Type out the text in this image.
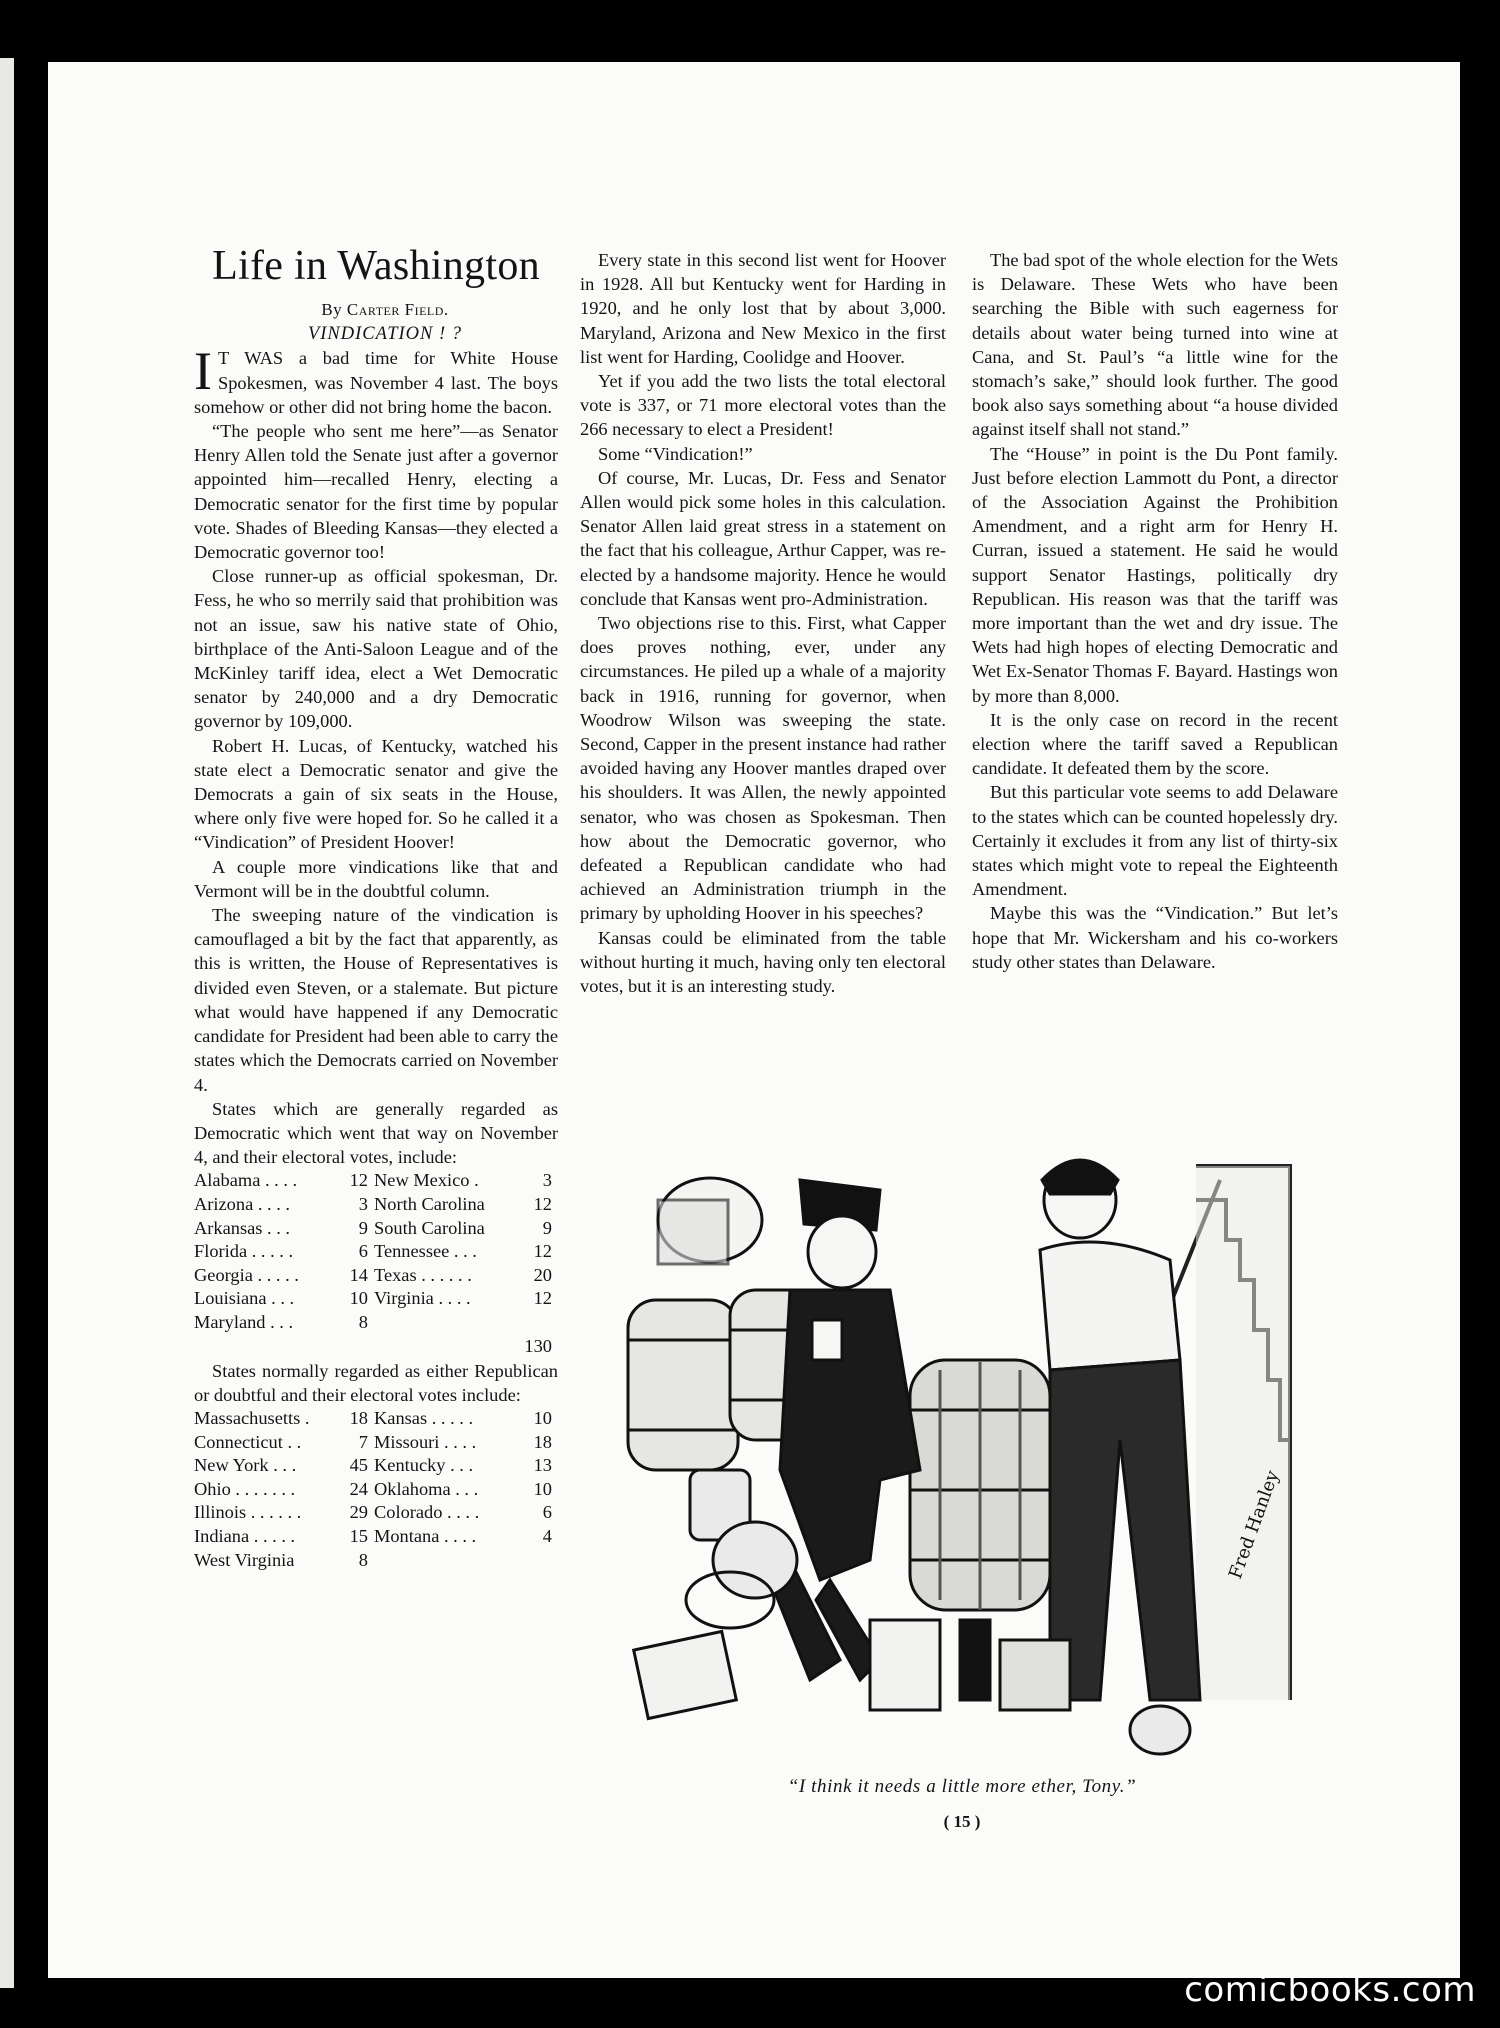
Life in Washington

By Carter Field.

VINDICATION ! ?

I T WAS a bad time for White House Spokesmen, was November 4 last. The boys somehow or other did not bring home the bacon.

“The people who sent me here”—as Senator Henry Allen told the Senate just after a governor appointed him—recalled Henry, electing a Democratic senator for the first time by popular vote. Shades of Bleeding Kansas—they elected a Democratic governor too!

Close runner-up as official spokesman, Dr. Fess, he who so merrily said that prohibition was not an issue, saw his native state of Ohio, birthplace of the Anti-Saloon League and of the McKinley tariff idea, elect a Wet Democratic senator by 240,000 and a dry Democratic governor by 109,000.

Robert H. Lucas, of Kentucky, watched his state elect a Democratic senator and give the Democrats a gain of six seats in the House, where only five were hoped for. So he called it a “Vindication” of President Hoover!

A couple more vindications like that and Vermont will be in the doubtful column.

The sweeping nature of the vindication is camouflaged a bit by the fact that apparently, as this is written, the House of Representatives is divided even Steven, or a stalemate. But picture what would have happened if any Democratic candidate for President had been able to carry the states which the Democrats carried on November 4.

States which are generally regarded as Democratic which went that way on November 4, and their electoral votes, include:

Alabama . . . .	12 New Mexico .	3
Arizona . . . .	3 North Carolina	12
Arkansas . . .	9 South Carolina	9
Florida . . . . .	6 Tennessee . . .	12
Georgia . . . . .	14 Texas . . . . . .	20
Louisiana . . .	10 Virginia . . . .	12
Maryland . . .	8
130

States normally regarded as either Republican or doubtful and their electoral votes include:

Massachusetts . 18 Kansas . . . . .	10
Connecticut . .	7 Missouri . . . .	18
New York . . .	45 Kentucky . . .	13
Ohio . . . . . . .	24 Oklahoma . . .	10
Illinois . . . . . .	29 Colorado . . . .	6
Indiana . . . . .	15 Montana . . . .	4
West Virginia	8

Every state in this second list went for Hoover in 1928. All but Kentucky went for Harding in 1920, and he only lost that by about 3,000. Maryland, Arizona and New Mexico in the first list went for Harding, Coolidge and Hoover.

Yet if you add the two lists the total electoral vote is 337, or 71 more electoral votes than the 266 necessary to elect a President!

Some “Vindication!”

Of course, Mr. Lucas, Dr. Fess and Senator Allen would pick some holes in this calculation. Senator Allen laid great stress in a statement on the fact that his colleague, Arthur Capper, was re-elected by a handsome majority. Hence he would conclude that Kansas went pro-Administration.

Two objections rise to this. First, what Capper does proves nothing, ever, under any circumstances. He piled up a whale of a majority back in 1916, running for governor, when Woodrow Wilson was sweeping the state. Second, Capper in the present instance had rather avoided having any Hoover mantles draped over his shoulders. It was Allen, the newly appointed senator, who was chosen as Spokesman. Then how about the Democratic governor, who defeated a Republican candidate who had achieved an Administration triumph in the primary by upholding Hoover in his speeches?

Kansas could be eliminated from the table without hurting it much, having only ten electoral votes, but it is an interesting study.

The bad spot of the whole election for the Wets is Delaware. These Wets who have been searching the Bible with such eagerness for details about water being turned into wine at Cana, and St. Paul’s “a little wine for the stomach’s sake,” should look further. The good book also says something about “a house divided against itself shall not stand.”

The “House” in point is the Du Pont family. Just before election Lammott du Pont, a director of the Association Against the Prohibition Amendment, and a right arm for Henry H. Curran, issued a statement. He said he would support Senator Hastings, politically dry Republican. His reason was that the tariff was more important than the wet and dry issue. The Wets had high hopes of electing Democratic and Wet Ex-Senator Thomas F. Bayard. Hastings won by more than 8,000.

It is the only case on record in the recent election where the tariff saved a Republican candidate. It defeated them by the score.

But this particular vote seems to add Delaware to the states which can be counted hopelessly dry. Certainly it excludes it from any list of thirty-six states which might vote to repeal the Eighteenth Amendment.

Maybe this was the “Vindication.” But let’s hope that Mr. Wickersham and his co-workers study other states than Delaware.

Fred Hanley
“I think it needs a little more ether, Tony.”
( 15 )
comicbooks.com
